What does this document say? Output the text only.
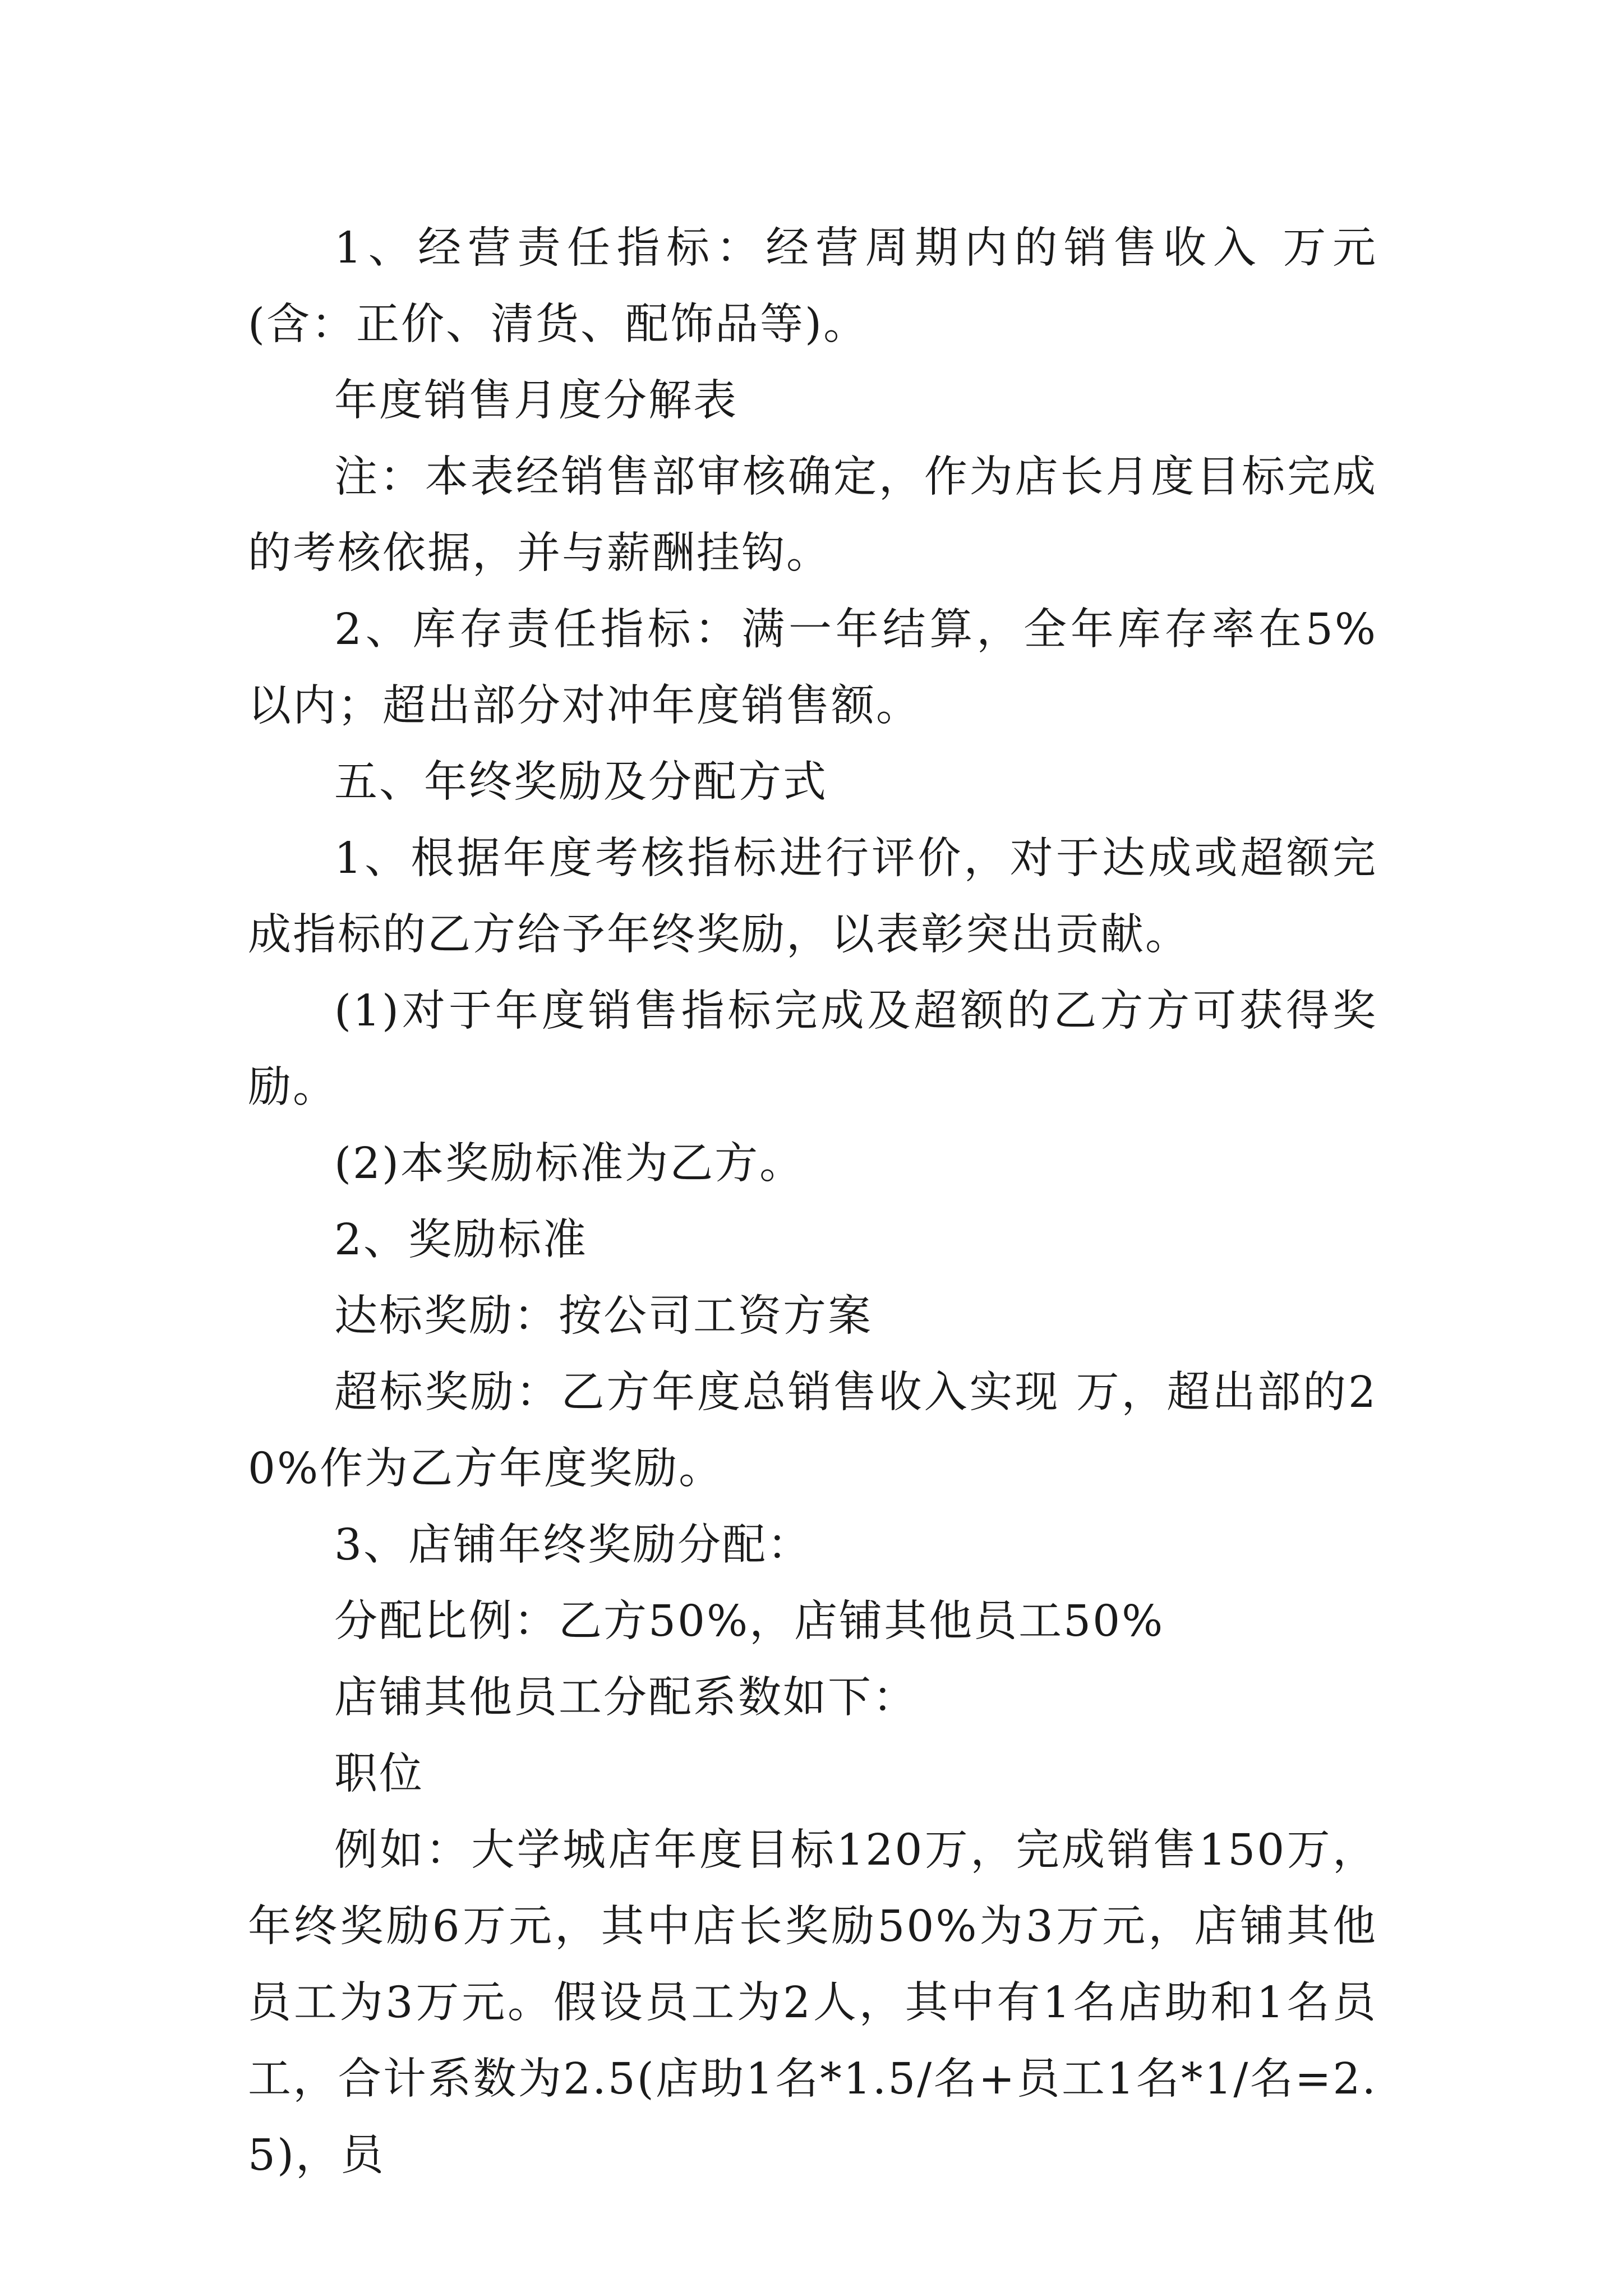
1、经营责任指标：经营周期内的销售收入 万元(含：正价、清货、配饰品等)。

年度销售月度分解表

注：本表经销售部审核确定，作为店长月度目标完成的考核依据，并与薪酬挂钩。

2、库存责任指标：满一年结算，全年库存率在5%以内；超出部分对冲年度销售额。

五、年终奖励及分配方式

1、根据年度考核指标进行评价，对于达成或超额完成指标的乙方给予年终奖励，以表彰突出贡献。

(1)对于年度销售指标完成及超额的乙方方可获得奖励。

(2)本奖励标准为乙方。

2、奖励标准

达标奖励：按公司工资方案

超标奖励：乙方年度总销售收入实现 万，超出部的20%作为乙方年度奖励。

3、店铺年终奖励分配：

分配比例：乙方50%，店铺其他员工50%

店铺其他员工分配系数如下：

职位

例如：大学城店年度目标120万，完成销售150万，年终奖励6万元，其中店长奖励50%为3万元，店铺其他员工为3万元。假设员工为2人，其中有1名店助和1名员工，合计系数为2.5(店助1名*1.5/名+员工1名*1/名=2.5)，员
